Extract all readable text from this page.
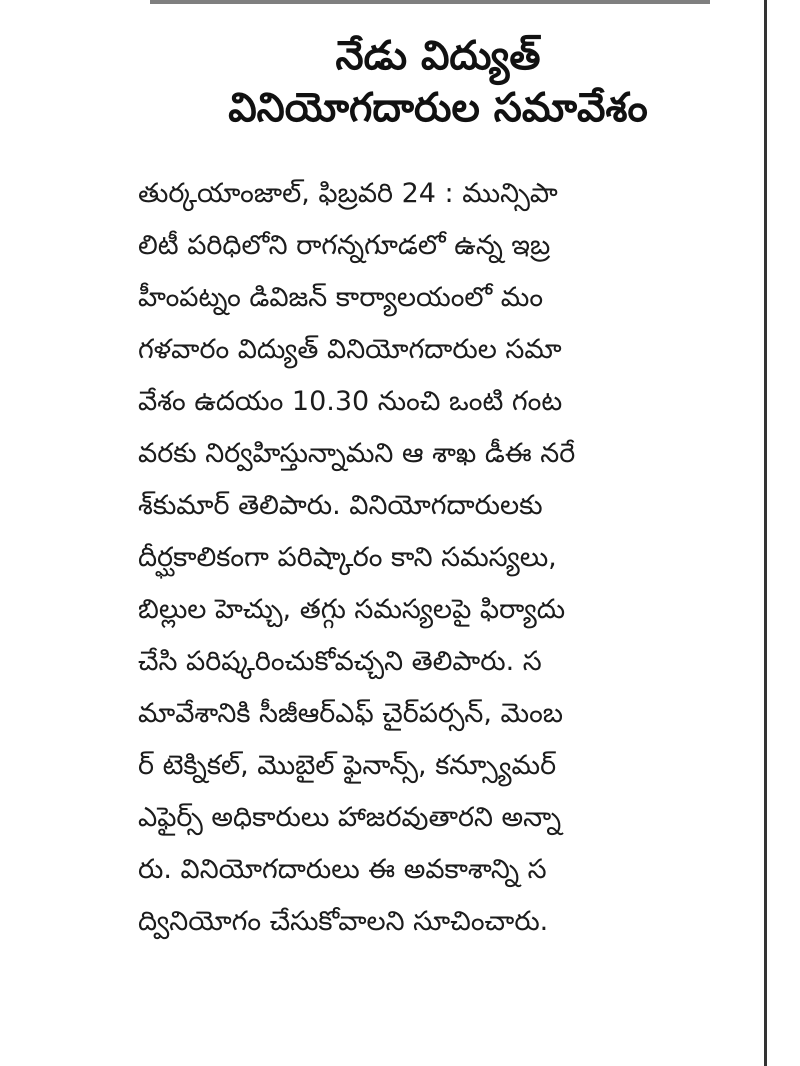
నేడు విద్యుత్
వినియోగదారుల సమావేశం
తుర్కయాంజాల్, ఫిబ్రవరి 24 : మున్సిపా
లిటీ పరిధిలోని రాగన్నగూడలో ఉన్న ఇబ్ర
హీంపట్నం డివిజన్ కార్యాలయంలో మం
గళవారం విద్యుత్ వినియోగదారుల సమా
వేశం ఉదయం 10.30 నుంచి ఒంటి గంట
వరకు నిర్వహిస్తున్నామని ఆ శాఖ డీఈ నరే
శ్‌కుమార్ తెలిపారు. వినియోగదారులకు
దీర్ఘకాలికంగా పరిష్కారం కాని సమస్యలు,
బిల్లుల హెచ్చు, తగ్గు సమస్యలపై ఫిర్యాదు
చేసి పరిష్కరించుకోవచ్చని తెలిపారు. స
మావేశానికి సీజీఆర్‌ఎఫ్ చైర్‌పర్సన్, మెంబ
ర్ టెక్నికల్, మొబైల్ ఫైనాన్స్, కన్స్యూమర్
ఎఫైర్స్ అధికారులు హాజరవుతారని అన్నా
రు. వినియోగదారులు ఈ అవకాశాన్ని స
ద్వినియోగం చేసుకోవాలని సూచించారు.
